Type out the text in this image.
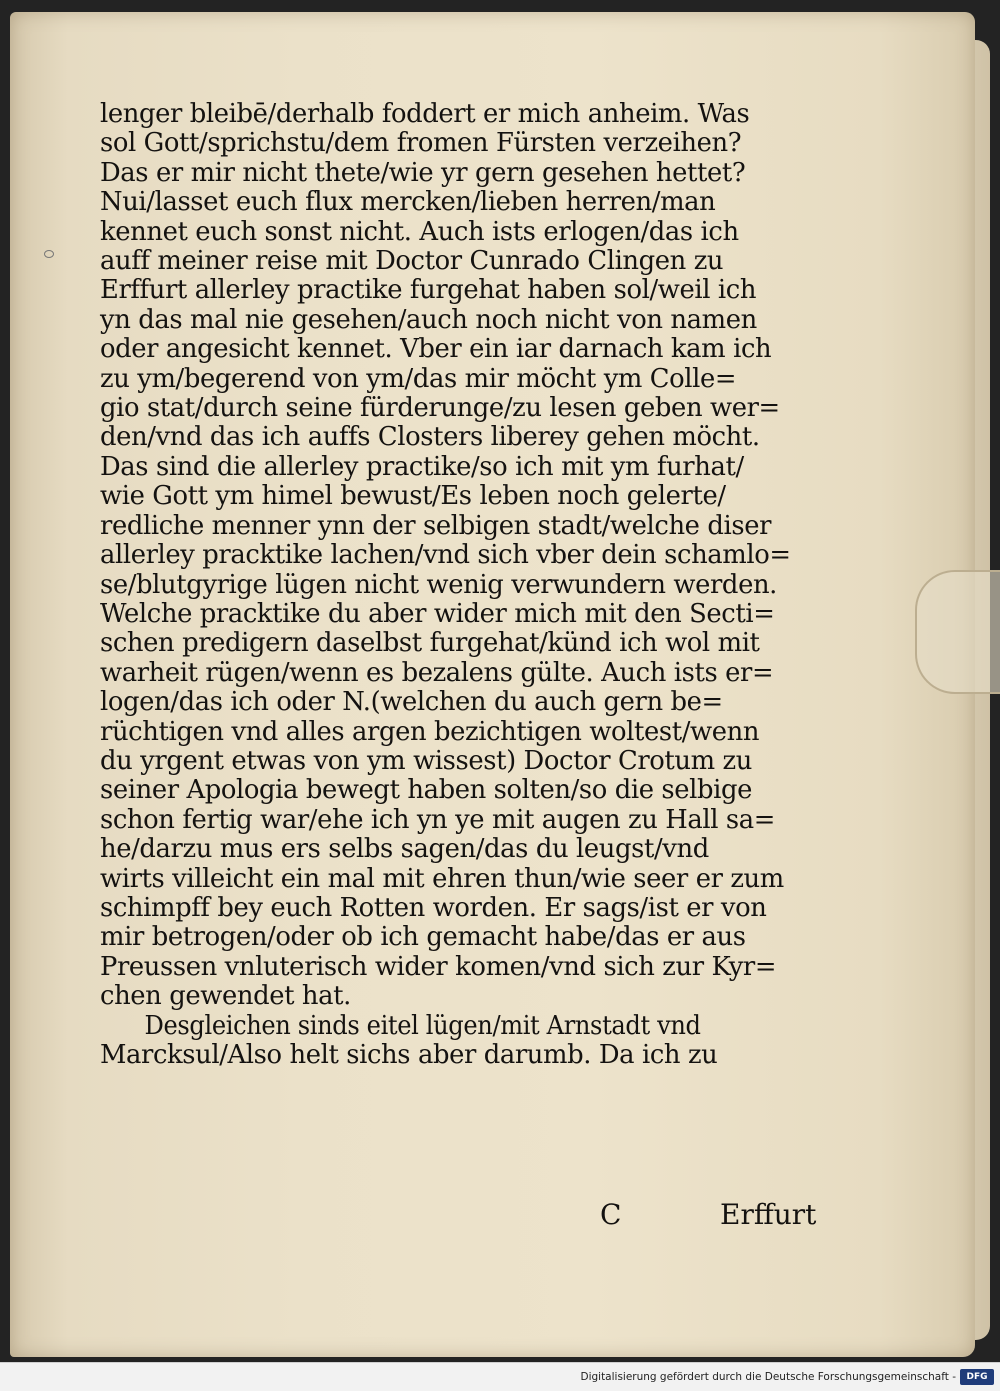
lenger bleibē/derhalb foddert er mich anheim. Was
sol Gott/sprichstu/dem fromen Fürsten verzeihen?
Das er mir nicht thete/wie yr gern gesehen hettet?
Nui/lasset euch flux mercken/lieben herren/man
kennet euch sonst nicht. Auch ists erlogen/das ich
auff meiner reise mit Doctor Cunrado Clingen zu
Erffurt allerley practike furgehat haben sol/weil ich
yn das mal nie gesehen/auch noch nicht von namen
oder angesicht kennet. Vber ein iar darnach kam ich
zu ym/begerend von ym/das mir möcht ym Colle=
gio stat/durch seine fürderunge/zu lesen geben wer=
den/vnd das ich auffs Closters liberey gehen möcht.
Das sind die allerley practike/so ich mit ym furhat/
wie Gott ym himel bewust/Es leben noch gelerte/
redliche menner ynn der selbigen stadt/welche diser
allerley pracktike lachen/vnd sich vber dein schamlo=
se/blutgyrige lügen nicht wenig verwundern werden.
Welche pracktike du aber wider mich mit den Secti=
schen predigern daselbst furgehat/künd ich wol mit
warheit rügen/wenn es bezalens gülte. Auch ists er=
logen/das ich oder N.(welchen du auch gern be=
rüchtigen vnd alles argen bezichtigen woltest/wenn
du yrgent etwas von ym wissest) Doctor Crotum zu
seiner Apologia bewegt haben solten/so die selbige
schon fertig war/ehe ich yn ye mit augen zu Hall sa=
he/darzu mus ers selbs sagen/das du leugst/vnd
wirts villeicht ein mal mit ehren thun/wie seer er zum
schimpff bey euch Rotten worden. Er sags/ist er von
mir betrogen/oder ob ich gemacht habe/das er aus
Preussen vnluterisch wider komen/vnd sich zur Kyr=
chen gewendet hat.
Desgleichen sinds eitel lügen/mit Arnstadt vnd
Marcksul/Also helt sichs aber darumb. Da ich zu
C	Erffurt
Digitalisierung gefördert durch die Deutsche Forschungsgemeinschaft -	DFG
